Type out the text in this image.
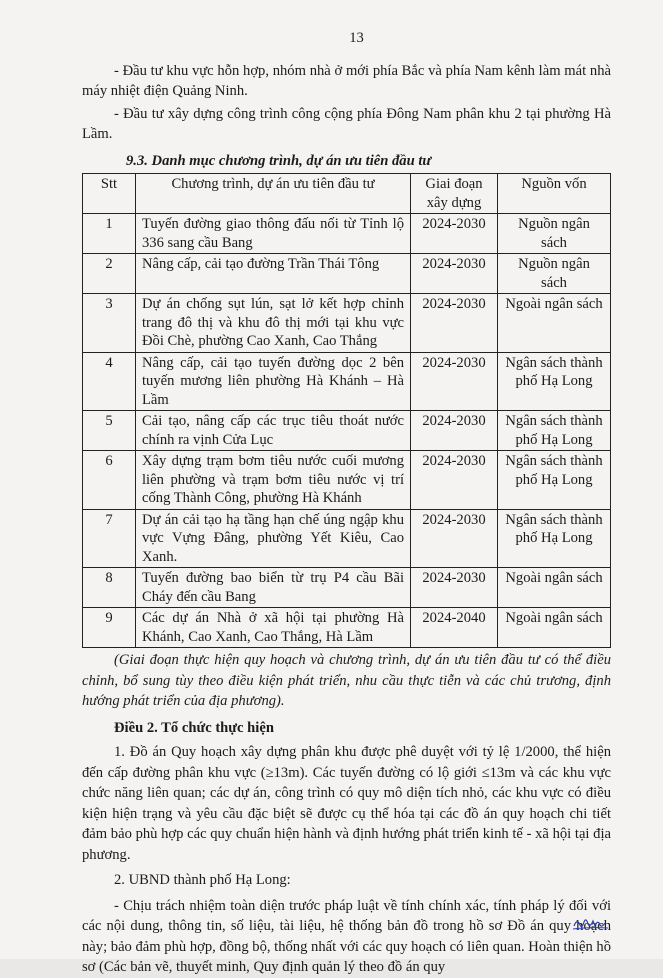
13

- Đầu tư khu vực hỗn hợp, nhóm nhà ở mới phía Bắc và phía Nam kênh làm mát nhà máy nhiệt điện Quảng Ninh.

- Đầu tư xây dựng công trình công cộng phía Đông Nam phân khu 2 tại phường Hà Lầm.

9.3. Danh mục chương trình, dự án ưu tiên đầu tư
Stt	Chương trình, dự án ưu tiên đầu tư	Giai đoạn xây dựng	Nguồn vốn
1	Tuyến đường giao thông đấu nối từ Tỉnh lộ 336 sang cầu Bang	2024-2030	Nguồn ngân sách
2	Nâng cấp, cải tạo đường Trần Thái Tông	2024-2030	Nguồn ngân sách
3	Dự án chống sụt lún, sạt lở kết hợp chỉnh trang đô thị và khu đô thị mới tại khu vực Đồi Chè, phường Cao Xanh, Cao Thắng	2024-2030	Ngoài ngân sách
4	Nâng cấp, cải tạo tuyến đường dọc 2 bên tuyến mương liên phường Hà Khánh – Hà Lầm	2024-2030	Ngân sách thành phố Hạ Long
5	Cải tạo, nâng cấp các trục tiêu thoát nước chính ra vịnh Cửa Lục	2024-2030	Ngân sách thành phố Hạ Long
6	Xây dựng trạm bơm tiêu nước cuối mương liên phường và trạm bơm tiêu nước vị trí cống Thành Công, phường Hà Khánh	2024-2030	Ngân sách thành phố Hạ Long
7	Dự án cải tạo hạ tầng hạn chế úng ngập khu vực Vựng Đâng, phường Yết Kiêu, Cao Xanh.	2024-2030	Ngân sách thành phố Hạ Long
8	Tuyến đường bao biển từ trụ P4 cầu Bãi Cháy đến cầu Bang	2024-2030	Ngoài ngân sách
9	Các dự án Nhà ở xã hội tại phường Hà Khánh, Cao Xanh, Cao Thắng, Hà Lầm	2024-2040	Ngoài ngân sách

(Giai đoạn thực hiện quy hoạch và chương trình, dự án ưu tiên đầu tư có thể điều chỉnh, bổ sung tùy theo điều kiện phát triển, nhu cầu thực tiễn và các chủ trương, định hướng phát triển của địa phương).

Điều 2. Tổ chức thực hiện

1. Đồ án Quy hoạch xây dựng phân khu được phê duyệt với tỷ lệ 1/2000, thể hiện đến cấp đường phân khu vực (≥13m). Các tuyến đường có lộ giới ≤13m và các khu vực chức năng liên quan; các dự án, công trình có quy mô diện tích nhỏ, các khu vực có điều kiện hiện trạng và yêu cầu đặc biệt sẽ được cụ thể hóa tại các đồ án quy hoạch chi tiết đảm bảo phù hợp các quy chuẩn hiện hành và định hướng phát triển kinh tế - xã hội tại địa phương.

2. UBND thành phố Hạ Long:

- Chịu trách nhiệm toàn diện trước pháp luật về tính chính xác, tính pháp lý đối với các nội dung, thông tin, số liệu, tài liệu, hệ thống bản đồ trong hồ sơ Đồ án quy hoạch này; bảo đảm phù hợp, đồng bộ, thống nhất với các quy hoạch có liên quan. Hoàn thiện hồ sơ (Các bản vẽ, thuyết minh, Quy định quản lý theo đồ án quy
